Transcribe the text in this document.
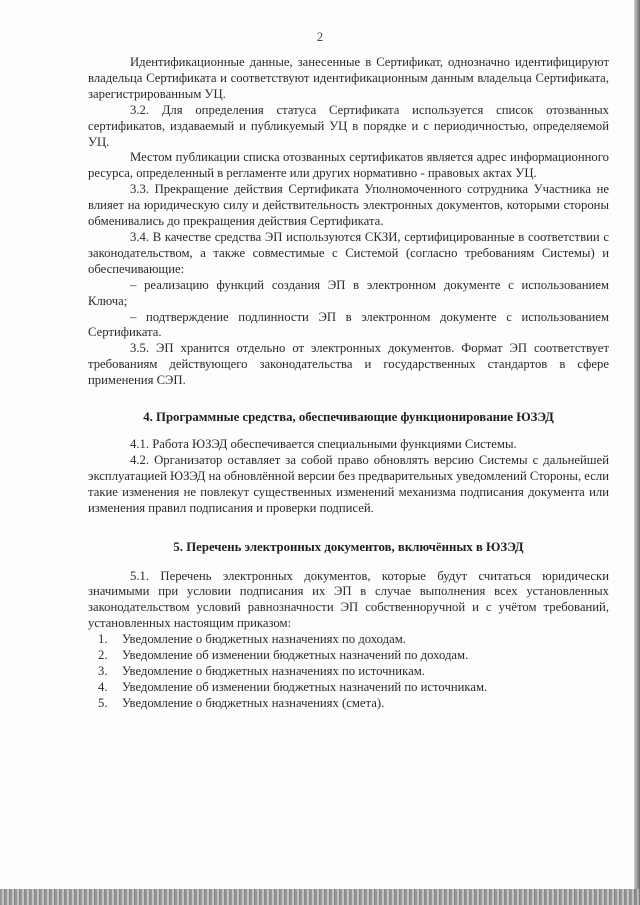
2

Идентификационные данные, занесенные в Сертификат, однозначно идентифицируют владельца Сертификата и соответствуют идентификационным данным владельца Сертификата, зарегистрированным УЦ.

3.2. Для определения статуса Сертификата используется список отозванных сертификатов, издаваемый и публикуемый УЦ в порядке и с периодичностью, определяемой УЦ.

Местом публикации списка отозванных сертификатов является адрес информационного ресурса, определенный в регламенте или других нормативно - правовых актах УЦ.

3.3. Прекращение действия Сертификата Уполномоченного сотрудника Участника не влияет на юридическую силу и действительность электронных документов, которыми стороны обменивались до прекращения действия Сертификата.

3.4. В качестве средства ЭП используются СКЗИ, сертифицированные в соответствии с законодательством, а также совместимые с Системой (согласно требованиям Системы) и обеспечивающие:

– реализацию функций создания ЭП в электронном документе с использованием Ключа;

– подтверждение подлинности ЭП в электронном документе с использованием Сертификата.

3.5. ЭП хранится отдельно от электронных документов. Формат ЭП соответствует требованиям действующего законодательства и государственных стандартов в сфере применения СЭП.

4. Программные средства, обеспечивающие функционирование ЮЗЭД

4.1. Работа ЮЗЭД обеспечивается специальными функциями Системы.

4.2. Организатор оставляет за собой право обновлять версию Системы с дальнейшей эксплуатацией ЮЗЭД на обновлённой версии без предварительных уведомлений Стороны, если такие изменения не повлекут существенных изменений механизма подписания документа или изменения правил подписания и проверки подписей.

5. Перечень электронных документов, включённых в ЮЗЭД

5.1. Перечень электронных документов, которые будут считаться юридически значимыми при условии подписания их ЭП в случае выполнения всех установленных законодательством условий равнозначности ЭП собственноручной и с учётом требований, установленных настоящим приказом:

1.	Уведомление о бюджетных назначениях по доходам.
2.	Уведомление об изменении бюджетных назначений по доходам.
3.	Уведомление о бюджетных назначениях по источникам.
4.	Уведомление об изменении бюджетных назначений по источникам.
5.	Уведомление о бюджетных назначениях (смета).
